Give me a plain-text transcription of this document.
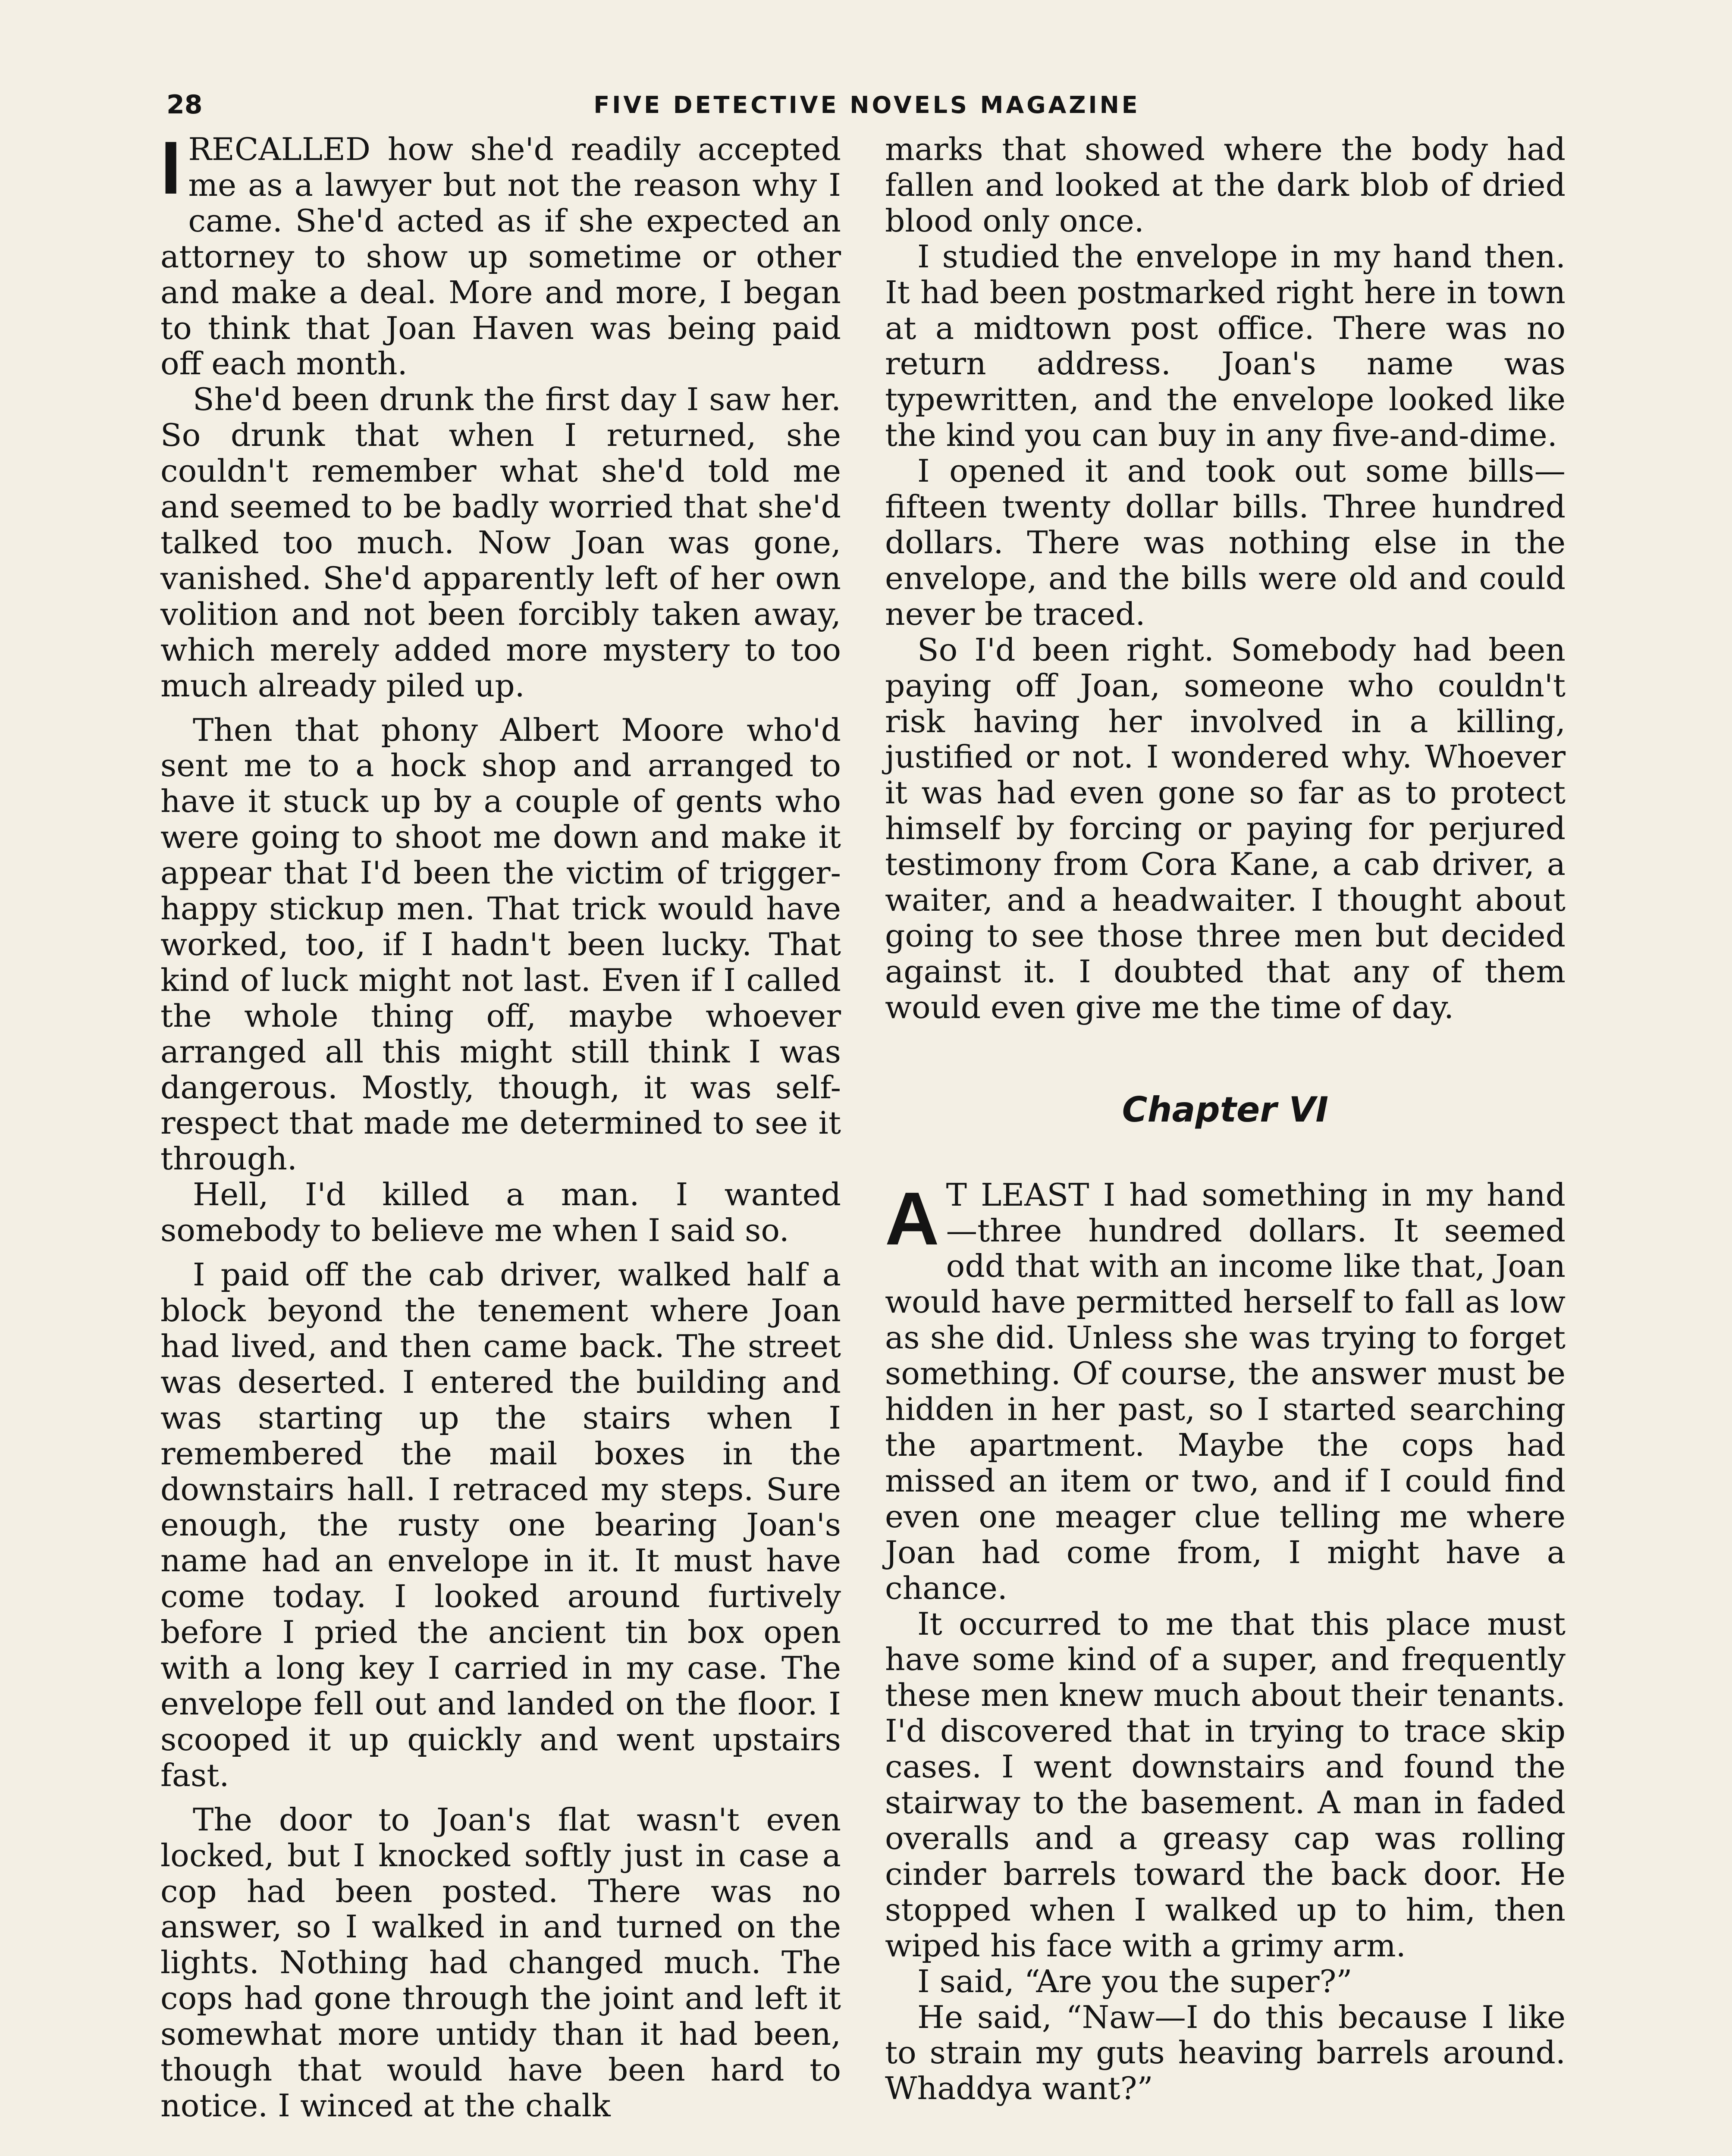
28	FIVE DETECTIVE NOVELS MAGAZINE

IRECALLED how she'd readily accepted me as a lawyer but not the reason why I came. She'd acted as if she expected an attorney to show up sometime or other and make a deal. More and more, I began to think that Joan Haven was being paid off each month.

She'd been drunk the first day I saw her. So drunk that when I returned, she couldn't remember what she'd told me and seemed to be badly worried that she'd talked too much. Now Joan was gone, vanished. She'd apparently left of her own volition and not been forcibly taken away, which merely added more mystery to too much already piled up.

Then that phony Albert Moore who'd sent me to a hock shop and arranged to have it stuck up by a couple of gents who were going to shoot me down and make it appear that I'd been the victim of trigger-happy stickup men. That trick would have worked, too, if I hadn't been lucky. That kind of luck might not last. Even if I called the whole thing off, maybe whoever arranged all this might still think I was dangerous. Mostly, though, it was self-respect that made me determined to see it through.

Hell, I'd killed a man. I wanted somebody to believe me when I said so.

I paid off the cab driver, walked half a block beyond the tenement where Joan had lived, and then came back. The street was deserted. I entered the building and was starting up the stairs when I remembered the mail boxes in the downstairs hall. I retraced my steps. Sure enough, the rusty one bearing Joan's name had an envelope in it. It must have come today. I looked around furtively before I pried the ancient tin box open with a long key I carried in my case. The envelope fell out and landed on the floor. I scooped it up quickly and went upstairs fast.

The door to Joan's flat wasn't even locked, but I knocked softly just in case a cop had been posted. There was no answer, so I walked in and turned on the lights. Nothing had changed much. The cops had gone through the joint and left it somewhat more untidy than it had been, though that would have been hard to notice. I winced at the chalk

marks that showed where the body had fallen and looked at the dark blob of dried blood only once.

I studied the envelope in my hand then. It had been postmarked right here in town at a midtown post office. There was no return address. Joan's name was typewritten, and the envelope looked like the kind you can buy in any five-and-dime.

I opened it and took out some bills—fifteen twenty dollar bills. Three hundred dollars. There was nothing else in the envelope, and the bills were old and could never be traced.

So I'd been right. Somebody had been paying off Joan, someone who couldn't risk having her involved in a killing, justified or not. I wondered why. Whoever it was had even gone so far as to protect himself by forcing or paying for perjured testimony from Cora Kane, a cab driver, a waiter, and a headwaiter. I thought about going to see those three men but decided against it. I doubted that any of them would even give me the time of day.

Chapter VI

A T LEAST I had something in my hand—three hundred dollars. It seemed odd that with an income like that, Joan would have permitted herself to fall as low as she did. Unless she was trying to forget something. Of course, the answer must be hidden in her past, so I started searching the apartment. Maybe the cops had missed an item or two, and if I could find even one meager clue telling me where Joan had come from, I might have a chance.

It occurred to me that this place must have some kind of a super, and frequently these men knew much about their tenants. I'd discovered that in trying to trace skip cases. I went downstairs and found the stairway to the basement. A man in faded overalls and a greasy cap was rolling cinder barrels toward the back door. He stopped when I walked up to him, then wiped his face with a grimy arm.

I said, “Are you the super?”

He said, “Naw—I do this because I like to strain my guts heaving barrels around. Whaddya want?”
